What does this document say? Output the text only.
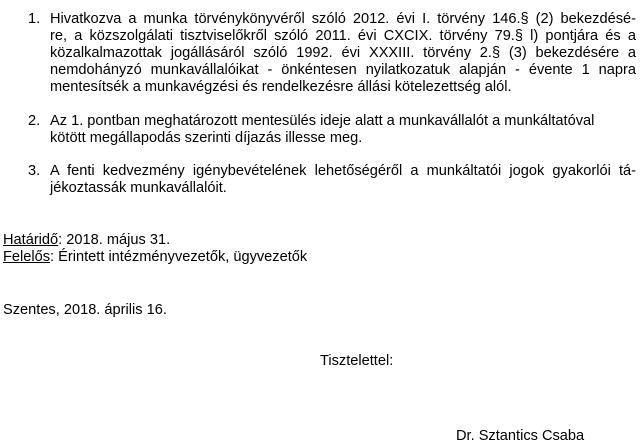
1. Hivatkozva a munka törvénykönyvéről szóló 2012. évi I. törvény 146.§ (2) bekezdésé-
re, a közszolgálati tisztviselőkről szóló 2011. évi CXCIX. törvény 79.§ l) pontjára és a
közalkalmazottak jogállásáról szóló 1992. évi XXXIII. törvény 2.§ (3) bekezdésére a
nemdohányzó munkavállalóikat - önkéntesen nyilatkozatuk alapján - évente 1 napra
mentesítsék a munkavégzési és rendelkezésre állási kötelezettség alól.
2. Az 1. pontban meghatározott mentesülés ideje alatt a munkavállalót a munkáltatóval
kötött megállapodás szerinti díjazás illesse meg.
3. A fenti kedvezmény igénybevételének lehetőségéről a munkáltatói jogok gyakorlói tá-
jékoztassák munkavállalóit.
Határidő: 2018. május 31.
Felelős: Érintett intézményvezetők, ügyvezetők
Szentes, 2018. április 16.
Tisztelettel:
Dr. Sztantics Csaba
